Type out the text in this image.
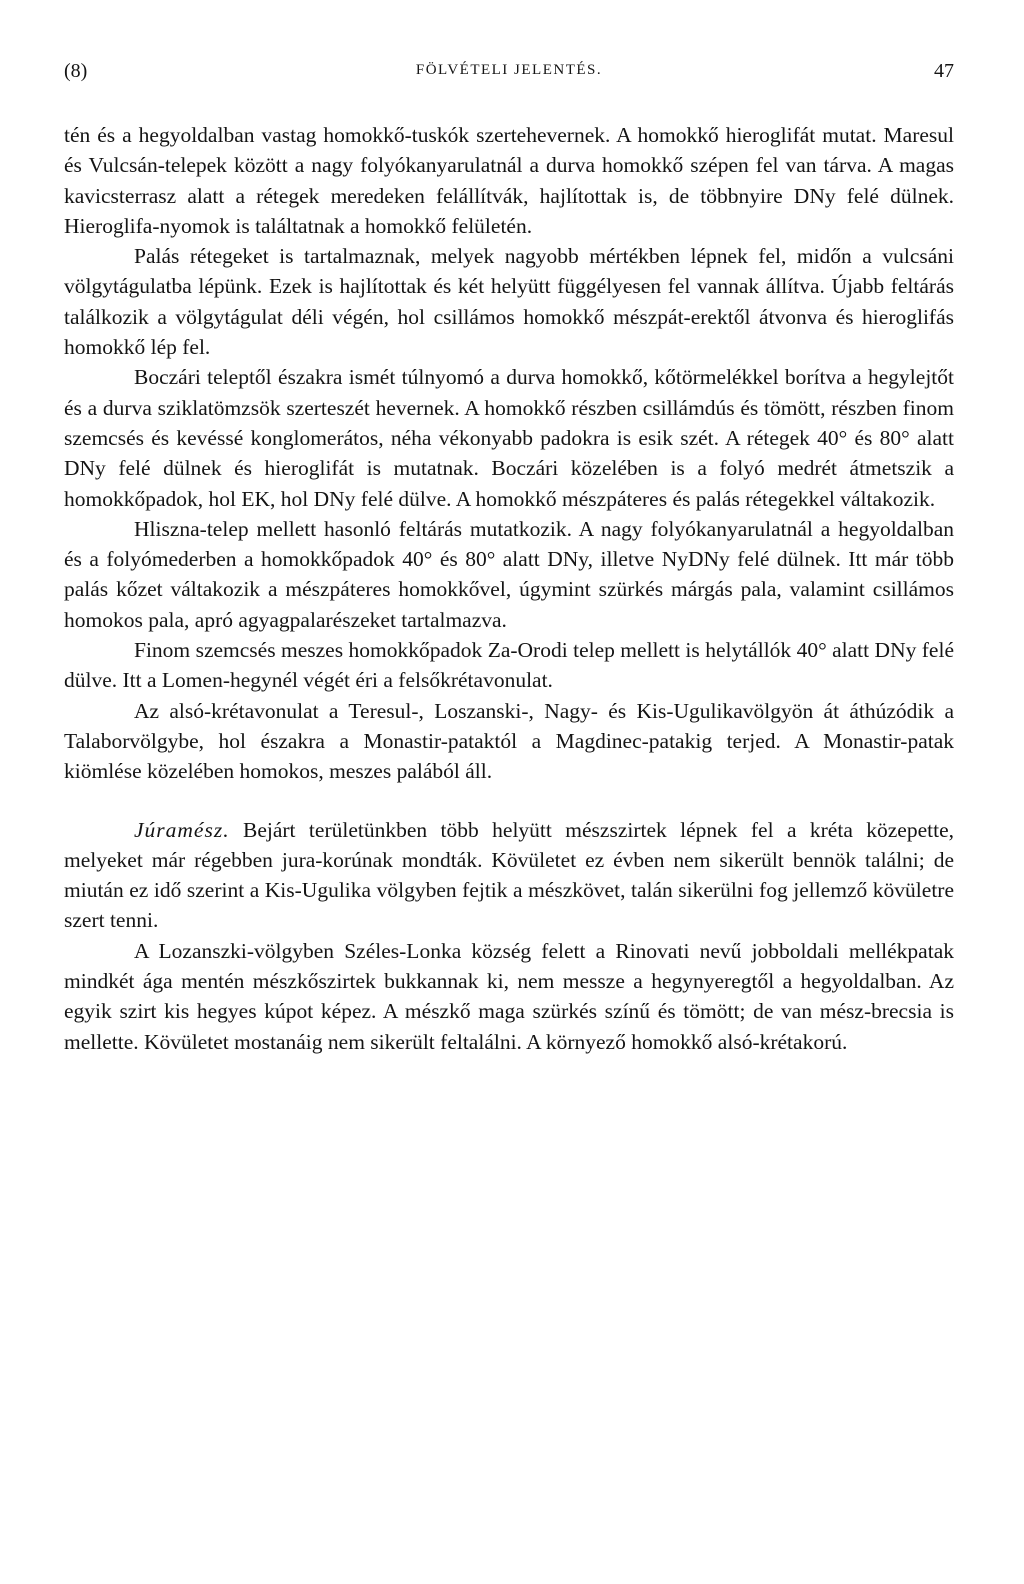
(8)	FÖLVÉTELI JELENTÉS.	47

tén és a hegyoldalban vastag homokkő-tuskók szertehevernek. A homokkő hieroglifát mutat. Maresul és Vulcsán-telepek között a nagy folyókanyarulatnál a durva homokkő szépen fel van tárva. A magas kavicsterrasz alatt a rétegek meredeken felállítvák, hajlítottak is, de többnyire DNy felé dülnek. Hieroglifa-nyomok is találtatnak a homokkő felületén.

Palás rétegeket is tartalmaznak, melyek nagyobb mértékben lépnek fel, midőn a vulcsáni völgytágulatba lépünk. Ezek is hajlítottak és két helyütt függélyesen fel vannak állítva. Újabb feltárás találkozik a völgytágulat déli végén, hol csillámos homokkő mészpát-erektől átvonva és hieroglifás homokkő lép fel.

Boczári teleptől északra ismét túlnyomó a durva homokkő, kőtörmelékkel borítva a hegylejtőt és a durva sziklatömzsök szerteszét hevernek. A homokkő részben csillámdús és tömött, részben finom szemcsés és kevéssé konglomerátos, néha vékonyabb padokra is esik szét. A rétegek 40° és 80° alatt DNy felé dülnek és hieroglifát is mutatnak. Boczári közelében is a folyó medrét átmetszik a homokkőpadok, hol EK, hol DNy felé dülve. A homokkő mészpáteres és palás rétegekkel váltakozik.

Hliszna-telep mellett hasonló feltárás mutatkozik. A nagy folyókanyarulatnál a hegyoldalban és a folyómederben a homokkőpadok 40° és 80° alatt DNy, illetve NyDNy felé dülnek. Itt már több palás kőzet váltakozik a mészpáteres homokkővel, úgymint szürkés márgás pala, valamint csillámos homokos pala, apró agyagpalarészeket tartalmazva.

Finom szemcsés meszes homokkőpadok Za-Orodi telep mellett is helytállók 40° alatt DNy felé dülve. Itt a Lomen-hegynél végét éri a felsőkrétavonulat.

Az alsó-krétavonulat a Teresul-, Loszanski-, Nagy- és Kis-Ugulikavölgyön át áthúzódik a Talaborvölgybe, hol északra a Monastir-pataktól a Magdinec-patakig terjed. A Monastir-patak kiömlése közelében homokos, meszes palából áll.

Júramész. Bejárt területünkben több helyütt mészszirtek lépnek fel a kréta közepette, melyeket már régebben jura-korúnak mondták. Kövületet ez évben nem sikerült bennök találni; de miután ez idő szerint a Kis-Ugulika völgyben fejtik a mészkövet, talán sikerülni fog jellemző kövületre szert tenni.

A Lozanszki-völgyben Széles-Lonka község felett a Rinovati nevű jobboldali mellékpatak mindkét ága mentén mészkőszirtek bukkannak ki, nem messze a hegynyeregtől a hegyoldalban. Az egyik szirt kis hegyes kúpot képez. A mészkő maga szürkés színű és tömött; de van mész-brecsia is mellette. Kövületet mostanáig nem sikerült feltalálni. A környező homokkő alsó-krétakorú.
